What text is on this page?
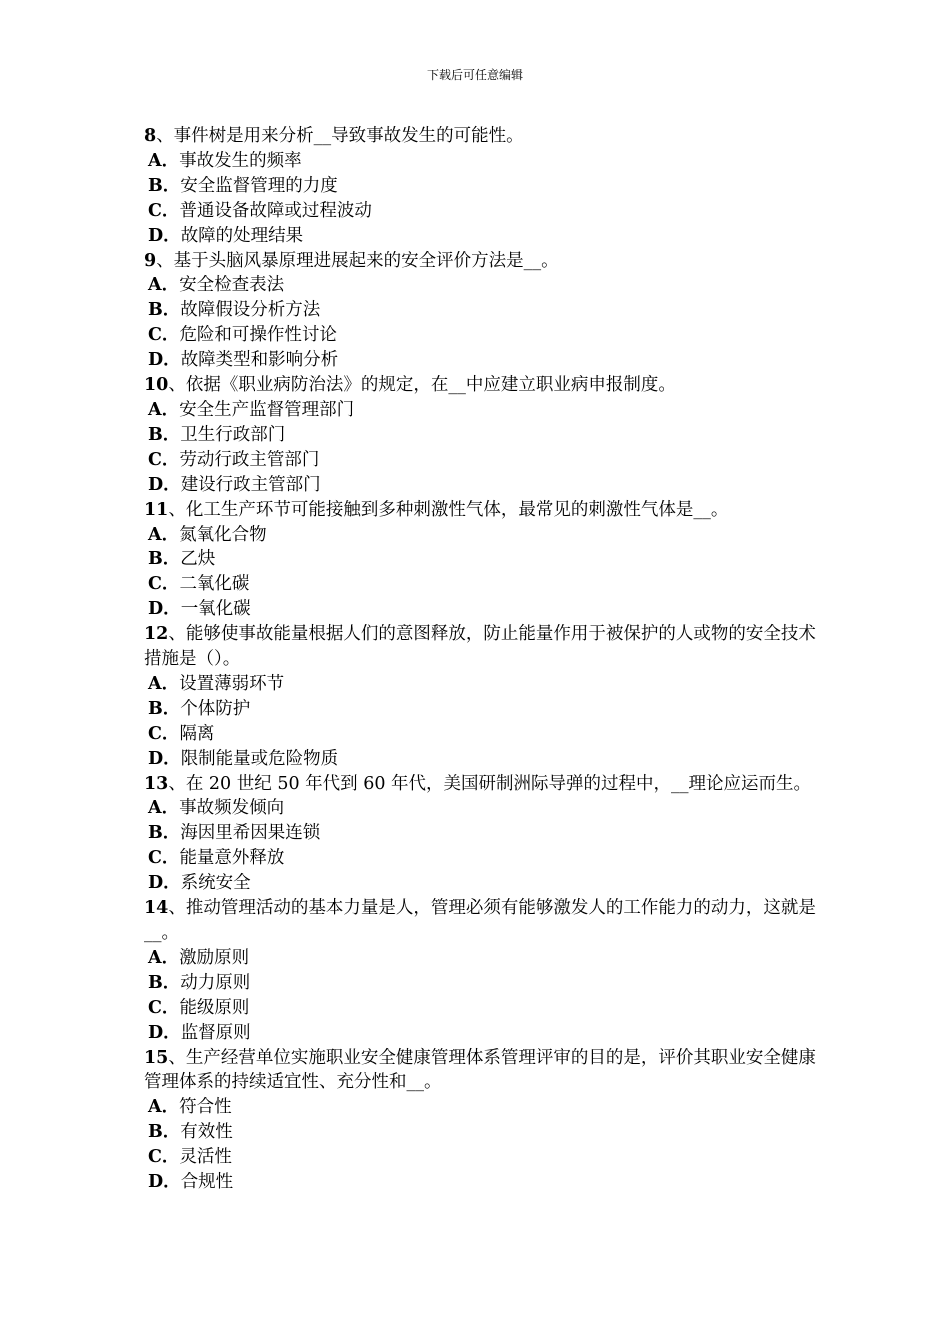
下载后可任意编辑

8、事件树是用来分析__导致事故发生的可能性。

A． 事故发生的频率
B． 安全监督管理的力度
C． 普通设备故障或过程波动
D． 故障的处理结果

9、基于头脑风暴原理进展起来的安全评价方法是__。

A． 安全检查表法
B． 故障假设分析方法
C． 危险和可操作性讨论
D． 故障类型和影响分析

10、依据《职业病防治法》的规定，在__中应建立职业病申报制度。

A． 安全生产监督管理部门
B． 卫生行政部门
C． 劳动行政主管部门
D． 建设行政主管部门

11、化工生产环节可能接触到多种刺激性气体，最常见的刺激性气体是__。

A． 氮氧化合物
B． 乙炔
C． 二氧化碳
D． 一氧化碳

12、能够使事故能量根据人们的意图释放，防止能量作用于被保护的人或物的安全技术措施是（）。

A． 设置薄弱环节
B． 个体防护
C． 隔离
D． 限制能量或危险物质

13、在 20 世纪 50 年代到 60 年代，美国研制洲际导弹的过程中，__理论应运而生。

A． 事故频发倾向
B． 海因里希因果连锁
C． 能量意外释放
D． 系统安全

14、推动管理活动的基本力量是人，管理必须有能够激发人的工作能力的动力，这就是__。

A． 激励原则
B． 动力原则
C． 能级原则
D． 监督原则

15、生产经营单位实施职业安全健康管理体系管理评审的目的是，评价其职业安全健康管理体系的持续适宜性、充分性和__。

A． 符合性
B． 有效性
C． 灵活性
D． 合规性
